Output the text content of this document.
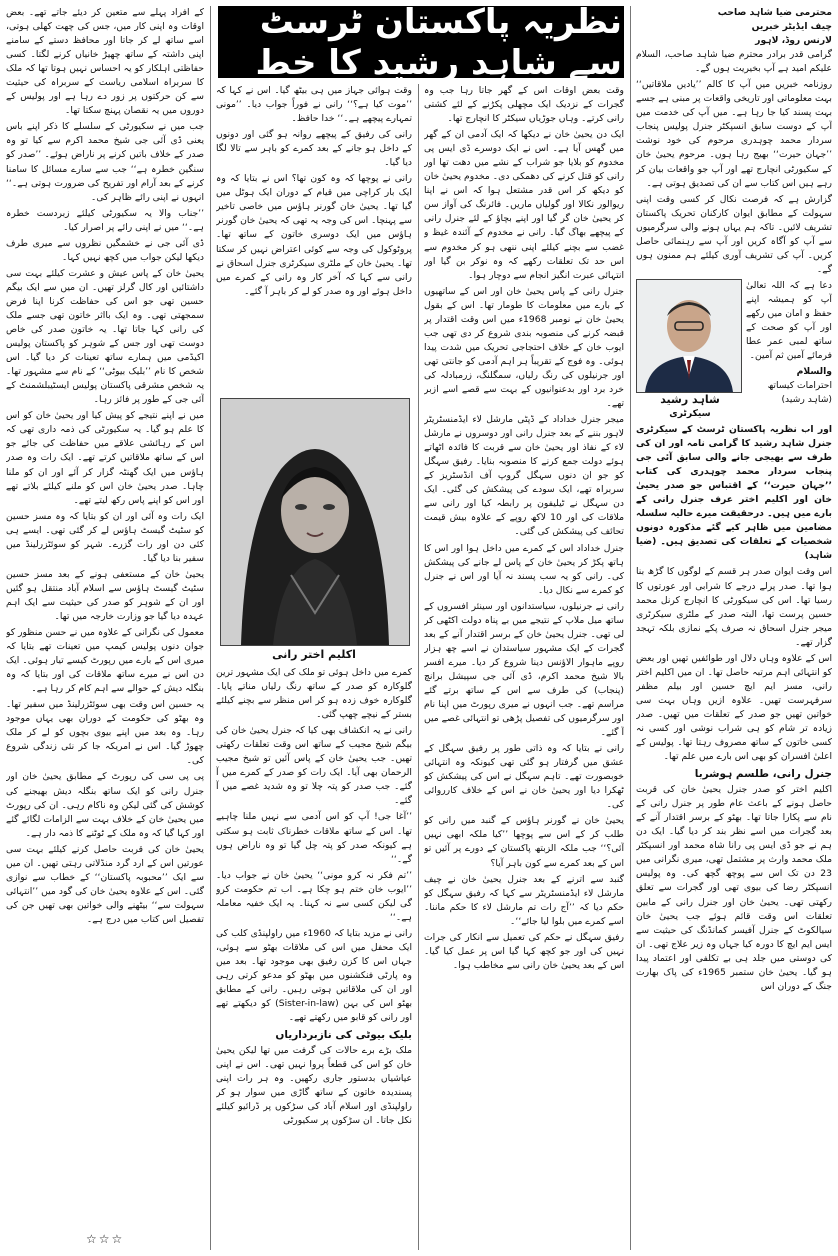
نظریہ پاکستان ٹرسٹ سے شاہد رشید کا خط
محترمی ضیا شاہد صاحب
چیف ایڈیٹر خبریں
لارنس روڈ، لاہور

گرامی قدر برادر محترم ضیا شاہد صاحب، السلام علیکم امید ہے آپ بخیریت ہوں گے۔

روزنامہ خبریں میں آپ کا کالم ’’یادیں ملاقاتیں‘‘ بہت معلوماتی اور تاریخی واقعات پر مبنی ہے جسے بہت پسند کیا جا رہا ہے۔ میں آپ کی خدمت میں آپ کے دوست سابق انسپکٹر جنرل پولیس پنجاب سردار محمد چوہدری مرحوم کی خود نوشت ’’جہان حیرت‘‘ بھیج رہا ہوں۔ مرحوم یحییٰ خان کے سکیورٹی انچارج تھے اور آپ جو واقعات بیان کر رہے ہیں اس کتاب سے ان کی تصدیق ہوتی ہے۔

گزارش ہے کہ فرصت نکال کر کسی وقت اپنی سہولت کے مطابق ایوان کارکنان تحریک پاکستان تشریف لائیں۔ تاکہ ہم یہاں ہونے والی سرگرمیوں سے آپ کو آگاہ کریں اور آپ سے رہنمائی حاصل کریں۔ آپ کی تشریف آوری کیلئے ہم ممنون ہوں گے۔

دعا ہے کہ اللہ تعالیٰ آپ کو ہمیشہ اپنے حفظ و امان میں رکھے اور آپ کو صحت کے ساتھ لمبی عمر عطا فرمائے آمین ثم آمین۔

والسلام
احترامات کیساتھ
(شاہد رشید)
شاہد رشید
سیکرٹری

اور اب نظریہ پاکستان ٹرسٹ کے سیکرٹری جنرل شاہد رشید کا گرامی نامہ اور ان کی طرف سے بھیجی جانے والی سابق آئی جی پنجاب سردار محمد چوہدری کی کتاب ’’جہان حیرت‘‘ کے اقتباس جو صدر یحییٰ خان اور اکلیم اختر عرف جنرل رانی کے بارے میں ہیں۔ درحقیقت میرے حالیہ سلسلہ مضامین میں ظاہر کیے گئے مذکورہ دونوں شخصیات کے تعلقات کی تصدیق ہیں۔ (ضیا شاہد)

اس وقت ایوان صدر ہر قسم کے لوگوں کا گڑھ بنا ہوا تھا۔ صدر پرلے درجے کا شرابی اور عورتوں کا رسیا تھا۔ اس کی سیکورٹی کا انچارج کرنل محمد حسین پرست تھا، البتہ صدر کے ملٹری سیکرٹری میجر جنرل اسحاق نہ صرف پکے نمازی بلکہ تہجد گزار تھے۔

اس کے علاوہ وہاں دلال اور طوائفیں تھیں اور بعض کو انتہائی اہم مرتبہ حاصل تھا۔ ان میں اکلیم اختر رانی، مسز ایم ایچ حسین اور بیلم مظفر سرفہرست تھیں۔ علاوہ ازیں وہاں بہت سی خواتین تھیں جو صدر کے تعلقات میں تھیں۔ صدر زیادہ تر شام کو ہی شراب نوشی اور کسی نہ کسی خاتون کے ساتھ مصروف رہتا تھا۔ پولیس کے اعلیٰ افسران کو بھی اس بارے میں علم تھا۔

جنرل رانی، طلسم ہوشربا

اکلیم اختر کو صدر جنرل یحییٰ خان کی قربت حاصل ہونے کے باعث عام طور پر جنرل رانی کے نام سے پکارا جاتا تھا۔ بھٹو کے برسر اقتدار آنے کے بعد گجرات میں اسے نظر بند کر دیا گیا۔ ایک دن ہم نے جو ڈی ایس پی رانا شاہ محمد اور انسپکٹر ملک محمد وارث پر مشتمل تھی، میری نگرانی میں 23 دن تک اس سے پوچھ گچھ کی۔ وہ پولیس انسپکٹر رضا کی بیوی تھی اور گجرات سے تعلق رکھتی تھی۔ یحییٰ خان اور جنرل رانی کے مابین تعلقات اس وقت قائم ہوئے جب یحییٰ خان سیالکوٹ کے جنرل آفیسر کمانڈنگ کی حیثیت سے ایس ایم ایچ کا دورہ کیا جہاں وہ زیر علاج تھی۔ ان کی دوستی میں جلد ہی بے تکلفی اور اعتماد پیدا ہو گیا۔ یحییٰ خان ستمبر 1965ء کی پاک بھارت جنگ کے دوران اس

وقت بعض اوقات اس کے گھر جاتا رہا جب وہ گجرات کے نزدیک ایک مچھلی پکڑنے کے لئے کشتی رانی کرتے۔ وہاں جوڑیاں سیکٹر کا انچارج تھا۔

ایک دن یحییٰ خان نے دیکھا کہ ایک آدمی ان کے گھر میں گھس آیا ہے۔ اس نے ایک دوسرے ڈی ایس پی مخدوم کو بلایا جو شراب کے نشے میں دھت تھا اور رانی کو قتل کرنے کی دھمکی دی۔ مخدوم یحییٰ خان کو دیکھ کر اس قدر مشتعل ہوا کہ اس نے اپنا ریوالور نکالا اور گولیاں ماریں۔ فائرنگ کی آواز سن کر یحییٰ خان گر گیا اور اپنے بچاؤ کے لئے جنرل رانی کے پیچھے بھاگ گیا۔ رانی نے مخدوم کے آئندہ غیظ و غضب سے بچنے کیلئے اپنی ننھی ہو کر مخدوم سے اس حد تک تعلقات رکھے کہ وہ نوکر بن گیا اور انتہائی عبرت انگیز انجام سے دوچار ہوا۔

جنرل رانی کے پاس یحییٰ خان اور اس کے ساتھیوں کے بارے میں معلومات کا طومار تھا۔ اس کے بقول یحییٰ خان نے نومبر 1968ء میں اس وقت اقتدار پر قبضہ کرنے کی منصوبہ بندی شروع کر دی تھی جب ایوب خان کے خلاف احتجاجی تحریک میں شدت پیدا ہوئی۔ وہ فوج کے تقریباً ہر اہم آدمی کو جانتی تھی اور جرنیلوں کی رنگ رلیاں، سمگلنگ، زرمبادلہ کی خرد برد اور بدعنوانیوں کے بہت سے قصے اسے ازبر تھے۔

میجر جنرل خداداد کے ڈپٹی مارشل لاء ایڈمنسٹریٹر لاہور بننے کے بعد جنرل رانی اور دوسروں نے مارشل لاء کے نفاذ اور یحییٰ خان سے قربت کا فائدہ اٹھاتے ہوئے دولت جمع کرنے کا منصوبہ بنایا۔ رفیق سہگل کو جو ان دنوں سہگل گروپ آف انڈسٹریز کے سربراہ تھے، ایک سودے کی پیشکش کی گئی۔ ایک دن سہگل نے ٹیلیفون پر رابطہ کیا اور رانی سے ملاقات کی اور 10 لاکھ روپے کے علاوہ بیش قیمت تحائف کی پیشکش کی گئی۔

جنرل خداداد اس کے کمرے میں داخل ہوا اور اس کا ہاتھ پکڑ کر یحییٰ خان کے پاس لے جانے کی پیشکش کی۔ رانی کو یہ سب پسند نہ آیا اور اس نے جنرل کو کمرے سے نکال دیا۔

رانی نے جرنیلوں، سیاستدانوں اور سینئر افسروں کے ساتھ میل ملاپ کے نتیجے میں بے پناہ دولت اکٹھی کر لی تھی۔ جنرل یحییٰ خان کے برسر اقتدار آنے کے بعد گجرات کے ایک مشہور سیاستدان نے اسے چھ ہزار روپے ماہوار الاؤنس دینا شروع کر دیا۔ میرے افسر بالا شیخ محمد اکرم، ڈی آئی جی سپیشل برانچ (پنجاب) کی طرف سے اس کے ساتھ برتے گئے مراسم تھے۔ جب انہوں نے میری رپورٹ میں اپنا نام اور سرگرمیوں کی تفصیل پڑھی تو انتہائی غصے میں آ گئے۔

رانی نے بتایا کہ وہ ذاتی طور پر رفیق سہگل کے عشق میں گرفتار ہو گئی تھی کیونکہ وہ انتہائی خوبصورت تھے۔ تاہم سہگل نے اس کی پیشکش کو ٹھکرا دیا اور یحییٰ خان نے اس کے خلاف کارروائی کی۔

یحییٰ خان نے گورنر ہاؤس کے گنبد میں رانی کو طلب کر کے اس سے پوچھا ’’کیا ملکہ ابھی نہیں آئی؟‘‘ جب ملکہ الزبتھ پاکستان کے دورے پر آئیں تو اس کے بعد کمرے سے کون باہر آیا؟

گنبد سے اترنے کے بعد جنرل یحییٰ خان نے چیف مارشل لاء ایڈمنسٹریٹر سے کہا کہ رفیق سہگل کو حکم دیا کہ ’’آج رات تم مارشل لاء کا حکم ماننا۔ اسے کمرے میں بلوا لیا جائے‘‘۔

رفیق سہگل نے حکم کی تعمیل سے انکار کی جرات نہیں کی اور جو کچھ کہا گیا اس پر عمل کیا گیا۔ اس کے بعد یحییٰ خان رانی سے مخاطب ہوا۔

وقت ہوائی جہاز میں ہی بیٹھ گیا۔ اس نے کہا کہ ’’موت کیا ہے؟‘‘ رانی نے فوراً جواب دیا۔ ’’مونی تمہارے پیچھے ہے۔‘‘ خدا حافظ۔

رانی کی رفیق کے پیچھے روانہ ہو گئی اور دونوں کے داخل ہو جانے کے بعد کمرے کو باہر سے تالا لگا دیا گیا۔

رانی نے پوچھا کہ وہ کون تھا؟ اس نے بتایا کہ وہ ایک بار کراچی میں قیام کے دوران ایک ہوٹل میں گیا تھا۔ یحییٰ خان گورنر ہاؤس میں خاصی تاخیر سے پہنچا۔ اس کی وجہ یہ تھی کہ یحییٰ خان گورنر ہاؤس میں ایک دوسری خاتون کے ساتھ تھا۔ پروٹوکول کی وجہ سے کوئی اعتراض نہیں کر سکتا تھا۔ یحییٰ خان کے ملٹری سیکرٹری جنرل اسحاق نے رانی سے کہا کہ آخر کار وہ رانی کے کمرے میں داخل ہوئے اور وہ صدر کو لے کر باہر آ گئے۔

اکلیم اختر رانی

کمرے میں داخل ہوئی تو ملک کی ایک مشہور ترین گلوکارہ کو صدر کے ساتھ رنگ رلیاں مناتے پایا۔ گلوکارہ خوف زدہ ہو کر اس منظر سے بچنے کیلئے بستر کے نیچے چھپ گئی۔

رانی نے یہ انکشاف بھی کیا کہ جنرل یحییٰ خان کی بیگم شیخ مجیب کے ساتھ اس وقت تعلقات رکھتی تھیں۔ جب یحییٰ خان کے پاس آئیں تو شیخ مجیب الرحمان بھی آیا۔ ایک رات کو صدر کے کمرے میں آ گئے۔ جب صدر کو پتہ چلا تو وہ شدید غصے میں آ گئے۔

’’آغا جی! آپ کو اس آدمی سے نہیں ملنا چاہیے تھا۔ اس کے ساتھ ملاقات خطرناک ثابت ہو سکتی ہے کیونکہ صدر کو پتہ چل گیا تو وہ ناراض ہوں گے۔‘‘

’’تم فکر نہ کرو مونی‘‘ یحییٰ خان نے جواب دیا۔ ’’ایوب خان ختم ہو چکا ہے۔ اب تم حکومت کرو گی لیکن کسی سے نہ کہنا۔ یہ ایک خفیہ معاملہ ہے۔‘‘

رانی نے مزید بتایا کہ 1960ء میں راولپنڈی کلب کی ایک محفل میں اس کی ملاقات بھٹو سے ہوئی، جہاں اس کا کزن رفیق بھی موجود تھا۔ بعد میں وہ پارٹی فنکشنوں میں بھٹو کو مدعو کرتی رہی اور ان کی ملاقاتیں ہوتی رہیں۔ رانی کے مطابق بھٹو اس کی بہن (Sister-in-law) کو دیکھتے تھے اور رانی کو قابو میں رکھتے تھے۔

بلیک بیوٹی کی نازبرداریاں

ملک بڑے برے حالات کی گرفت میں تھا لیکن یحییٰ خان کو اس کی قطعاً پروا نہیں تھی۔ اس نے اپنی عیاشیاں بدستور جاری رکھیں۔ وہ ہر رات اپنی پسندیدہ خاتون کے ساتھ گاڑی میں سوار ہو کر راولپنڈی اور اسلام آباد کی سڑکوں پر ڈرائیو کیلئے نکل جاتا۔ ان سڑکوں پر سکیورٹی

کے افراد پہلے سے متعین کر دیئے جاتے تھے۔ بعض اوقات وہ اپنی کار میں، جس کی چھت کھلی ہوتی، اسے ساتھ لے کر جاتا اور محافظ دستے کے سامنے اپنی داشتہ کے ساتھ چھیڑ خانیاں کرنے لگتا۔ کسی حفاظتی اہلکار کو یہ احساس نہیں ہوتا تھا کہ ملک کا سربراہ اسلامی ریاست کے سربراہ کی حیثیت سے کن حرکتوں پر زور دے رہا ہے اور پولیس کے دوروں میں یہ نقصان پہنچ سکتا تھا۔

جب میں نے سکیورٹی کے سلسلے کا ذکر اپنے باس یعنی ڈی آئی جی شیخ محمد اکرم سے کیا تو وہ صدر کے خلاف باتیں کرنے پر ناراض ہوئے۔ ’’صدر کو سنگین خطرہ ہے‘‘ جب سے سارے مسائل کا سامنا کرنے کے بعد آرام اور تفریح کی ضرورت ہوتی ہے۔‘‘ انہوں نے اپنی رائے ظاہر کی۔

’’جناب والا یہ سکیورٹی کیلئے زبردست خطرہ ہے۔‘‘ میں نے اپنی رائے پر اصرار کیا۔

ڈی آئی جی نے خشمگیں نظروں سے میری طرف دیکھا لیکن جواب میں کچھ نہیں کہا۔

یحییٰ خان کے پاس عیش و عشرت کیلئے بہت سی داشتائیں اور کال گرلز تھیں۔ ان میں سے ایک بیگم حسین تھی جو اس کی حفاظت کرنا اپنا فرض سمجھتی تھی۔ وہ ایک بااثر خاتون تھی جسے ملک کی رانی کہا جاتا تھا۔ یہ خاتون صدر کی خاص دوست تھی اور جس کے شوہر کو پاکستان پولیس اکیڈمی میں ہمارے ساتھ تعینات کر دیا گیا۔ اس شخص کا نام ’’بلیک بیوٹی‘‘ کے نام سے مشہور تھا۔ یہ شخص مشرقی پاکستان پولیس ایسٹیبلشمنٹ کے آئی جی کے طور پر فائز رہا۔

میں نے اپنے نتیجے کو پیش کیا اور یحییٰ خان کو اس کا علم ہو گیا۔ یہ سکیورٹی کی ذمہ داری تھی کہ اس کے رہائشی علاقے میں حفاظت کی جائے جو اس کے ساتھ ملاقاتیں کرتے تھے۔ ایک رات وہ صدر ہاؤس میں ایک گھنٹہ گزار کر آئے اور ان کو ملنا چاہا۔ صدر یحییٰ خان اس کو ملنے کیلئے بلاتے تھے اور اس کو اپنے پاس رکھ لیتے تھے۔

ایک رات وہ آئی اور ان کو بتایا کہ وہ مسز حسین کو سٹیٹ گیسٹ ہاؤس لے کر گئی تھی۔ ایسے ہی کئی دن اور رات گزرے۔ شہر کو سوئٹزرلینڈ میں سفیر بنا دیا گیا۔

یحییٰ خان کے مستعفی ہونے کے بعد مسز حسین سٹیٹ گیسٹ ہاؤس سے اسلام آباد منتقل ہو گئیں اور ان کے شوہر کو صدر کی حیثیت سے ایک اہم عہدہ دیا گیا جو وزارت خارجہ میں تھا۔

معمول کی نگرانی کے علاوہ میں نے حسن منظور کو جوان دنوں پولیس کیمپ میں تعینات تھے بتایا کہ میری اس کے بارے میں رپورٹ کیسے تیار ہوئی۔ ایک دن اس نے میرے ساتھ ملاقات کی اور بتایا کہ وہ بنگلہ دیش کے حوالے سے اہم کام کر رہا ہے۔

یہ حسین اس وقت بھی سوئٹزرلینڈ میں سفیر تھا۔ وہ بھٹو کی حکومت کے دوران بھی یہاں موجود رہا۔ وہ بعد میں اپنے بیوی بچوں کو لے کر ملک چھوڑ گیا۔ اس نے امریکہ جا کر نئی زندگی شروع کی۔

پی پی سی کی رپورٹ کے مطابق یحییٰ خان اور جنرل رانی کو ایک ساتھ بنگلہ دیش بھیجنے کی کوشش کی گئی لیکن وہ ناکام رہی۔ ان کی رپورٹ میں یحییٰ خان کے خلاف بہت سے الزامات لگائے گئے اور کہا گیا کہ وہ ملک کے ٹوٹنے کا ذمہ دار ہے۔

یحییٰ خان کی قربت حاصل کرنے کیلئے بہت سی عورتیں اس کے ارد گرد منڈلاتی رہتی تھیں۔ ان میں سے ایک ’’محبوبہ پاکستان‘‘ کے خطاب سے نوازی گئی۔ اس کے علاوہ یحییٰ خان کی گود میں ’’انتہائی سہولت سے‘‘ بیٹھنے والی خواتین بھی تھیں جن کی تفصیل اس کتاب میں درج ہے۔

☆☆☆
